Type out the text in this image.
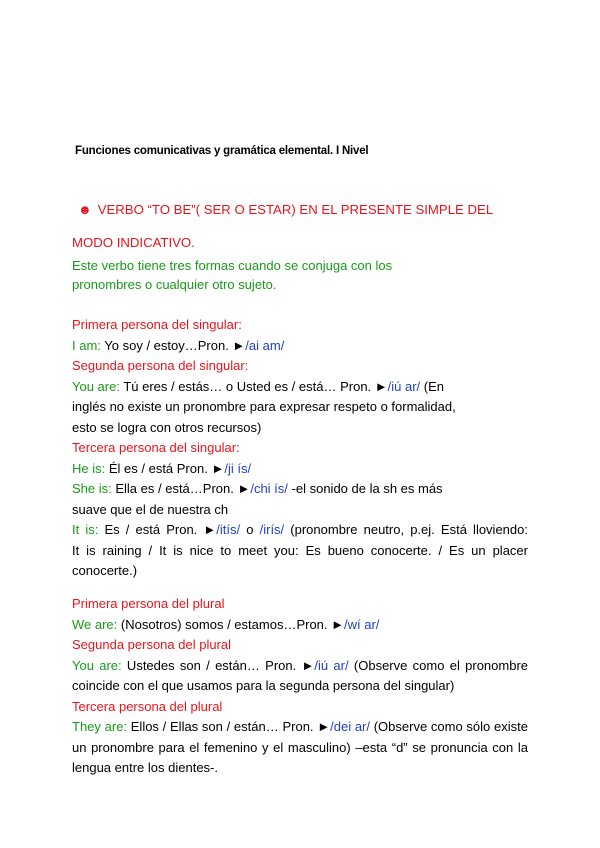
Funciones comunicativas y gramática elemental. I Nivel
☻ VERBO “TO BE”( SER O ESTAR) EN EL PRESENTE SIMPLE DEL
MODO INDICATIVO.
Este verbo tiene tres formas cuando se conjuga con los
pronombres o cualquier otro sujeto.

Primera persona del singular:

I am: Yo soy / estoy…Pron. ►/ai am/

Segunda persona del singular:

You are: Tú eres / estás… o Usted es / está… Pron. ►/iú ar/ (En

inglés no existe un pronombre para expresar respeto o formalidad,

esto se logra con otros recursos)

Tercera persona del singular:

He is: Él es / está Pron. ►/ji ís/

She is: Ella es / está…Pron. ►/chi ís/ -el sonido de la sh es más

suave que el de nuestra ch

It is: Es / está Pron. ►/itís/ o /irís/ (pronombre neutro, p.ej. Está lloviendo: It is raining / It is nice to meet you: Es bueno conocerte. / Es un placer conocerte.)

Primera persona del plural

We are: (Nosotros) somos / estamos…Pron. ►/wí ar/

Segunda persona del plural

You are: Ustedes son / están… Pron. ►/iú ar/ (Observe como el pronombre coincide con el que usamos para la segunda persona del singular)

Tercera persona del plural

They are: Ellos / Ellas son / están… Pron. ►/dei ar/ (Observe como sólo existe un pronombre para el femenino y el masculino) –esta “d” se pronuncia con la lengua entre los dientes-.
